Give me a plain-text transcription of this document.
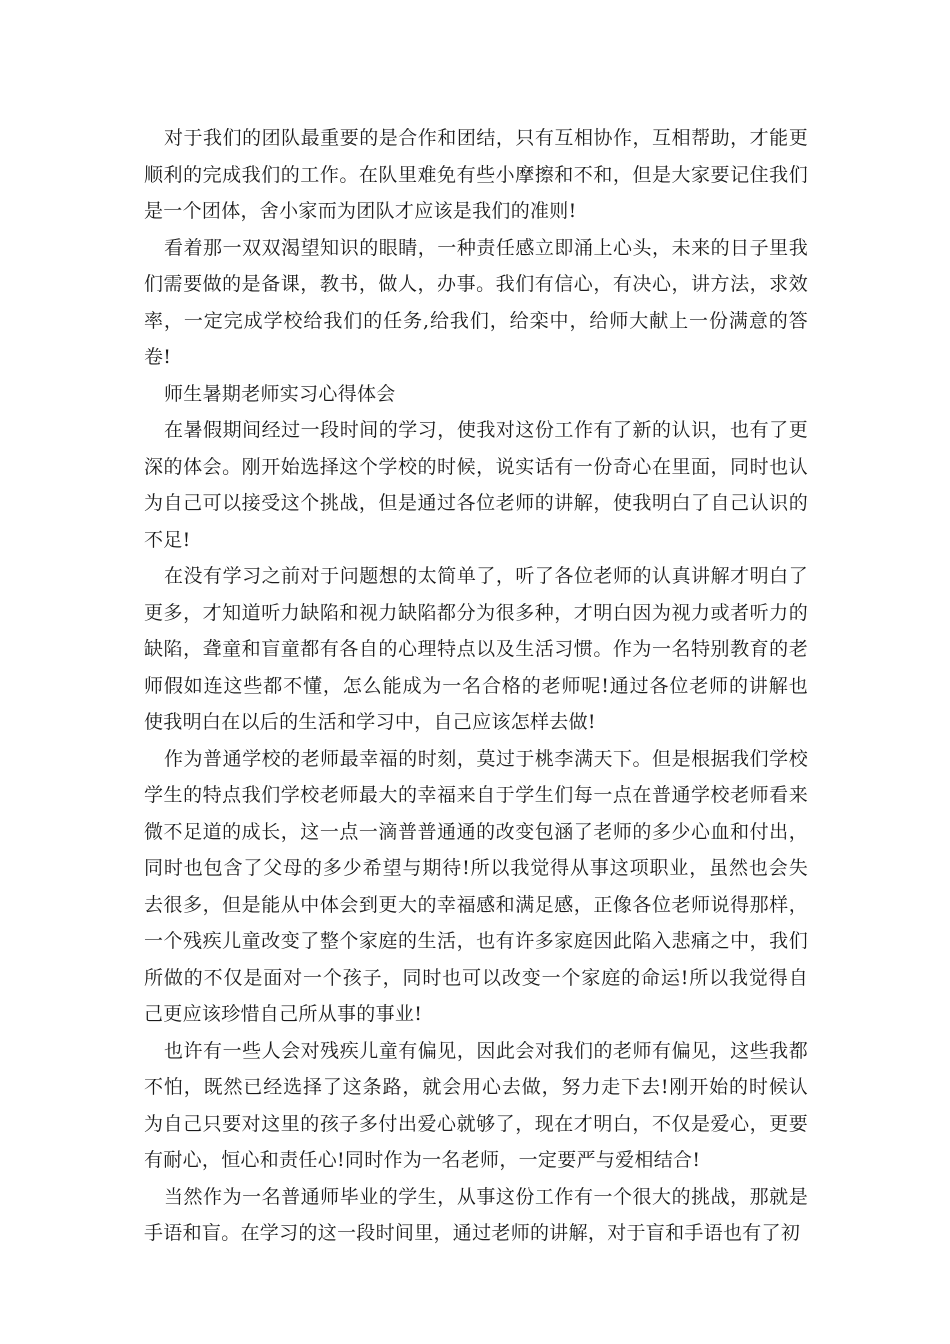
对于我们的团队最重要的是合作和团结，只有互相协作，互相帮助，才能更顺利的完成我们的工作。在队里难免有些小摩擦和不和，但是大家要记住我们是一个团体，舍小家而为团队才应该是我们的准则!

看着那一双双渴望知识的眼睛，一种责任感立即涌上心头，未来的日子里我们需要做的是备课，教书，做人，办事。我们有信心，有决心，讲方法，求效率，一定完成学校给我们的任务,给我们，给栾中，给师大献上一份满意的答卷!

师生暑期老师实习心得体会

在暑假期间经过一段时间的学习，使我对这份工作有了新的认识，也有了更深的体会。刚开始选择这个学校的时候，说实话有一份奇心在里面，同时也认为自己可以接受这个挑战，但是通过各位老师的讲解，使我明白了自己认识的不足!

在没有学习之前对于问题想的太简单了，听了各位老师的认真讲解才明白了更多，才知道听力缺陷和视力缺陷都分为很多种，才明白因为视力或者听力的缺陷，聋童和盲童都有各自的心理特点以及生活习惯。作为一名特别教育的老师假如连这些都不懂，怎么能成为一名合格的老师呢!通过各位老师的讲解也使我明白在以后的生活和学习中，自己应该怎样去做!

作为普通学校的老师最幸福的时刻，莫过于桃李满天下。但是根据我们学校学生的特点我们学校老师最大的幸福来自于学生们每一点在普通学校老师看来微不足道的成长，这一点一滴普普通通的改变包涵了老师的多少心血和付出，同时也包含了父母的多少希望与期待!所以我觉得从事这项职业，虽然也会失去很多，但是能从中体会到更大的幸福感和满足感，正像各位老师说得那样，一个残疾儿童改变了整个家庭的生活，也有许多家庭因此陷入悲痛之中，我们所做的不仅是面对一个孩子，同时也可以改变一个家庭的命运!所以我觉得自己更应该珍惜自己所从事的事业!

也许有一些人会对残疾儿童有偏见，因此会对我们的老师有偏见，这些我都不怕，既然已经选择了这条路，就会用心去做，努力走下去!刚开始的时候认为自己只要对这里的孩子多付出爱心就够了，现在才明白，不仅是爱心，更要有耐心，恒心和责任心!同时作为一名老师，一定要严与爱相结合!

当然作为一名普通师毕业的学生，从事这份工作有一个很大的挑战，那就是手语和盲。在学习的这一段时间里，通过老师的讲解，对于盲和手语也有了初
